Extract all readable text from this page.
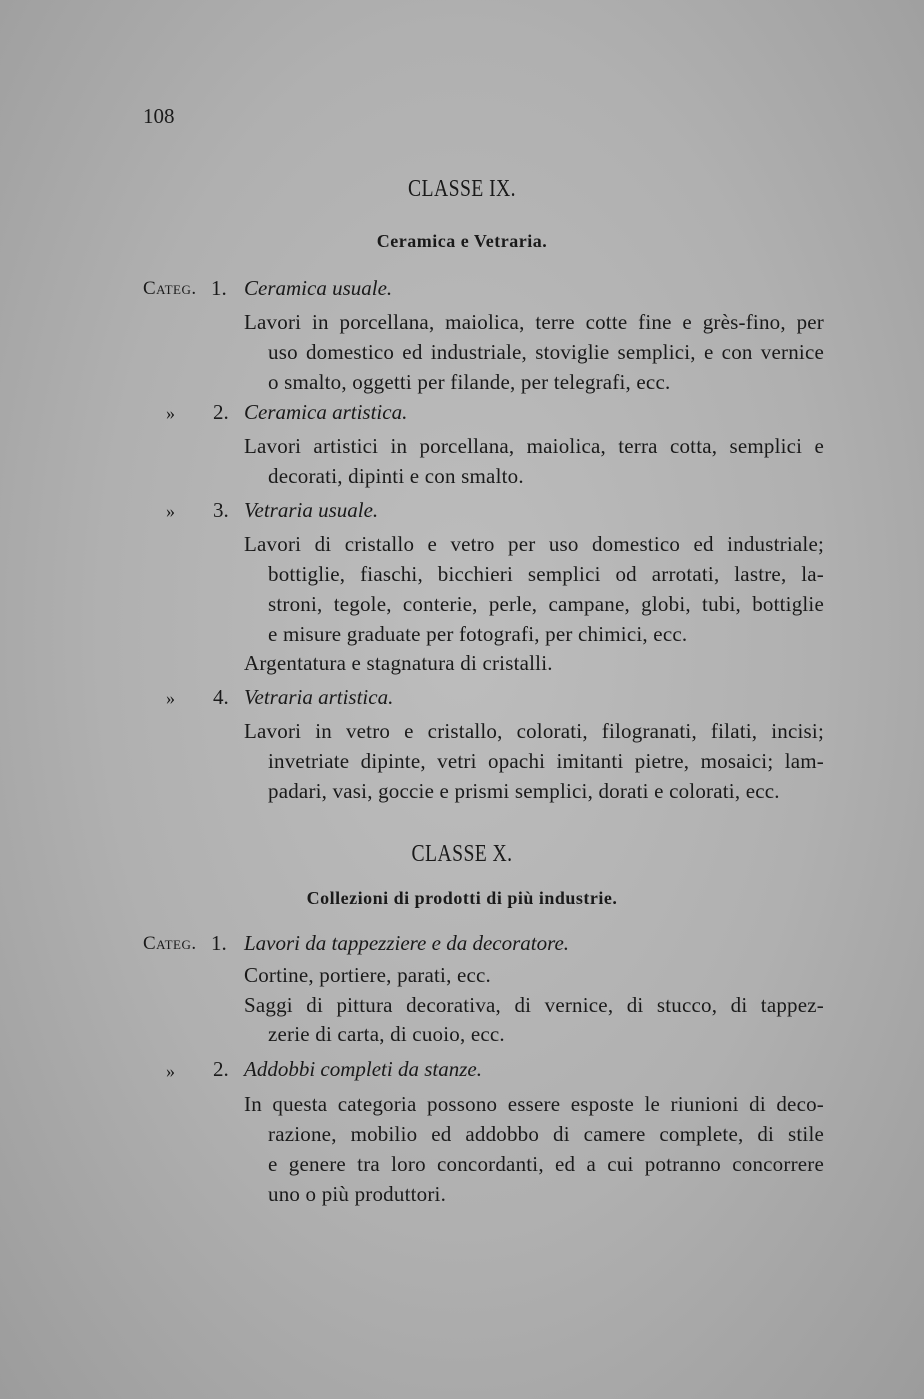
108
CLASSE IX.
Ceramica e Vetraria.
Categ. 1. Ceramica usuale.
Lavori in porcellana, maiolica, terre cotte fine e grès-fino, per
uso domestico ed industriale, stoviglie semplici, e con vernice
o smalto, oggetti per filande, per telegrafi, ecc.
» 2. Ceramica artistica.
Lavori artistici in porcellana, maiolica, terra cotta, semplici e
decorati, dipinti e con smalto.
» 3. Vetraria usuale.
Lavori di cristallo e vetro per uso domestico ed industriale;
bottiglie, fiaschi, bicchieri semplici od arrotati, lastre, la-
stroni, tegole, conterie, perle, campane, globi, tubi, bottiglie
e misure graduate per fotografi, per chimici, ecc.
Argentatura e stagnatura di cristalli.
» 4. Vetraria artistica.
Lavori in vetro e cristallo, colorati, filogranati, filati, incisi;
invetriate dipinte, vetri opachi imitanti pietre, mosaici; lam-
padari, vasi, goccie e prismi semplici, dorati e colorati, ecc.
CLASSE X.
Collezioni di prodotti di più industrie.
Categ. 1. Lavori da tappezziere e da decoratore.
Cortine, portiere, parati, ecc.
Saggi di pittura decorativa, di vernice, di stucco, di tappez-
zerie di carta, di cuoio, ecc.
» 2. Addobbi completi da stanze.
In questa categoria possono essere esposte le riunioni di deco-
razione, mobilio ed addobbo di camere complete, di stile
e genere tra loro concordanti, ed a cui potranno concorrere
uno o più produttori.
